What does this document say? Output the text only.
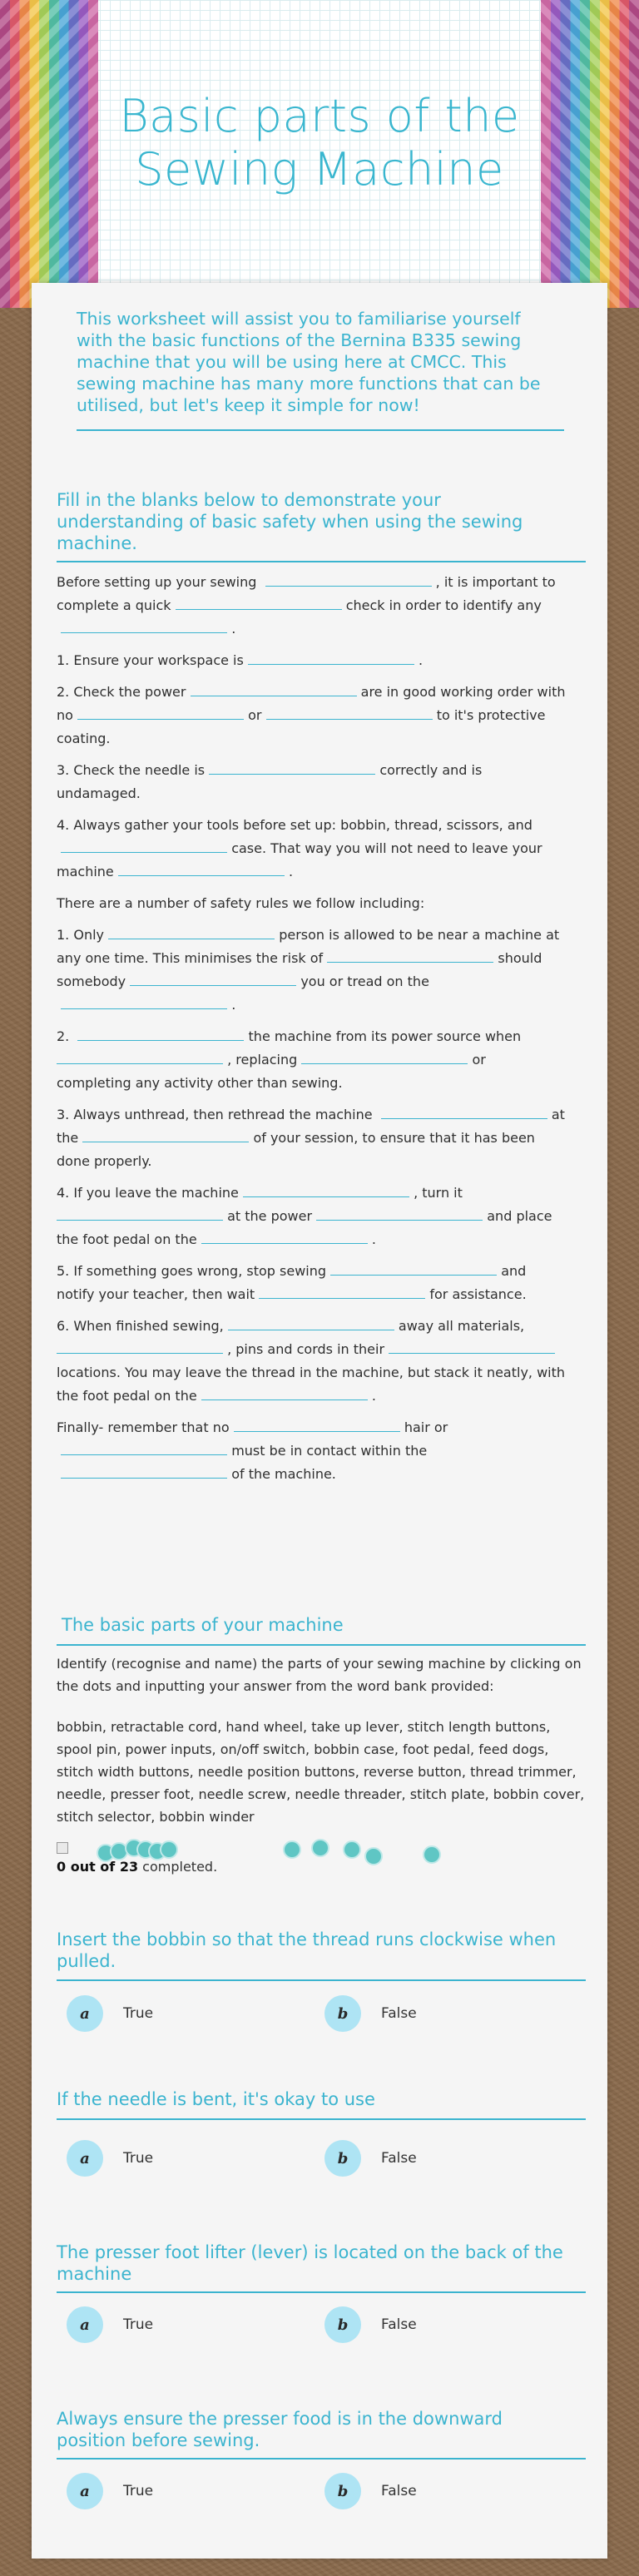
Basic parts of the
Sewing Machine
This worksheet will assist you to familiarise yourself with the basic functions of the Bernina B335 sewing machine that you will be using here at CMCC. This sewing machine has many more functions that can be utilised, but let's keep it simple for now!
Fill in the blanks below to demonstrate your understanding of basic safety when using the sewing machine.

Before setting up your sewing	, it is important to

complete a quick	check in order to identify any

.

1. Ensure your workspace is	.

2. Check the power	are in good working order with

no	or	to it's protective

coating.

3. Check the needle is	correctly and is

undamaged.

4. Always gather your tools before set up: bobbin, thread, scissors, and

case. That way you will not need to leave your

machine	.

There are a number of safety rules we follow including:

1. Only	person is allowed to be near a machine at

any one time. This minimises the risk of	should

somebody	you or tread on the

.

2.	the machine from its power source when

, replacing	or

completing any activity other than sewing.

3. Always unthread, then rethread the machine	at

the	of your session, to ensure that it has been

done properly.

4. If you leave the machine	, turn it

at the power	and place

the foot pedal on the	.

5. If something goes wrong, stop sewing	and

notify your teacher, then wait	for assistance.

6. When finished sewing,	away all materials,

, pins and cords in their

locations. You may leave the thread in the machine, but stack it neatly, with

the foot pedal on the	.

Finally- remember that no	hair or

must be in contact within the

of the machine.

The basic parts of your machine
Identify (recognise and name) the parts of your sewing machine by clicking on the dots and inputting your answer from the word bank provided:
bobbin, retractable cord, hand wheel, take up lever, stitch length buttons, spool pin, power inputs, on/off switch, bobbin case, foot pedal, feed dogs, stitch width buttons, needle position buttons, reverse button, thread trimmer, needle, presser foot, needle screw, needle threader, stitch plate, bobbin cover, stitch selector, bobbin winder
0 out of 23 completed.
Insert the bobbin so that the thread runs clockwise when pulled.
a	True	b	False
If the needle is bent, it's okay to use
a	True	b	False
The presser foot lifter (lever) is located on the back of the machine
a	True	b	False
Always ensure the presser food is in the downward position before sewing.
a	True	b	False
